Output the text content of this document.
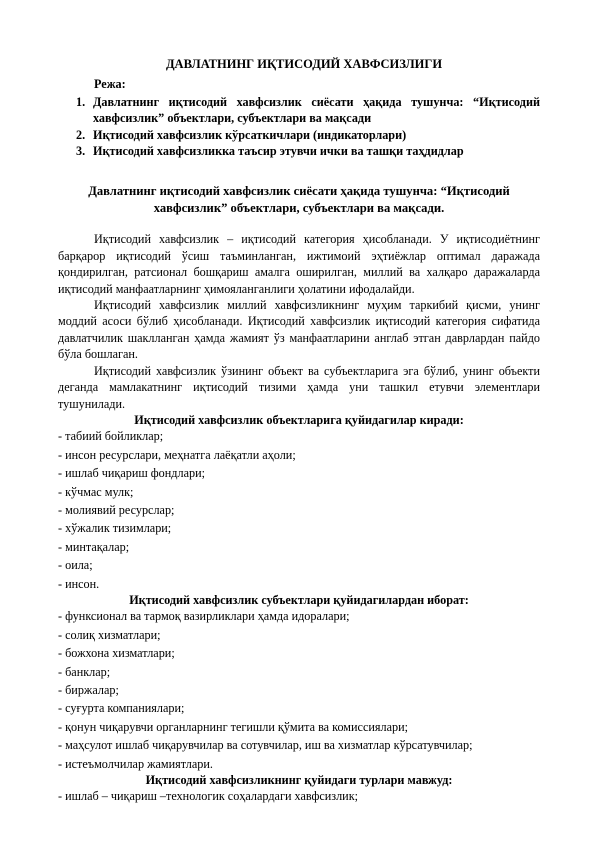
ДАВЛАТНИНГ ИҚТИСОДИЙ ХАВФСИЗЛИГИ
Режа:
1. Давлатнинг иқтисодий хавфсизлик сиёсати ҳақида тушунча: “Иқтисодий хавфсизлик” объектлари, субъектлари ва мақсади
2. Иқтисодий хавфсизлик кўрсаткичлари (индикаторлари)
3. Иқтисодий хавфсизликка таъсир этувчи ички ва ташқи таҳдидлар
Давлатнинг иқтисодий хавфсизлик сиёсати ҳақида тушунча: “Иқтисодий хавфсизлик” объектлари, субъектлари ва мақсади.

Иқтисодий хавфсизлик – иқтисодий категория ҳисобланади. У иқтисодиётнинг барқарор иқтисодий ўсиш таъминланган, ижтимоий эҳтиёжлар оптимал даражада қондирилган, ратсионал бошқариш амалга оширилган, миллий ва халқаро даражаларда иқтисодий манфаатларнинг ҳимояланганлиги ҳолатини ифодалайди.

Иқтисодий хавфсизлик миллий хавфсизликнинг муҳим таркибий қисми, унинг моддий асоси бўлиб ҳисобланади. Иқтисодий хавфсизлик иқтисодий категория сифатида давлатчилик шаклланган ҳамда жамият ўз манфаатларини англаб этган даврлардан пайдо бўла бошлаган.

Иқтисодий хавфсизлик ўзининг объект ва субъектларига эга бўлиб, унинг объекти деганда мамлакатнинг иқтисодий тизими ҳамда уни ташкил етувчи элементлари тушунилади.

Иқтисодий хавфсизлик объектларига қуйидагилар киради:
- табиий бойликлар;
- инсон ресурслари, меҳнатга лаёқатли аҳоли;
- ишлаб чиқариш фондлари;
- кўчмас мулк;
- молиявий ресурслар;
- хўжалик тизимлари;
- минтақалар;
- оила;
- инсон.
Иқтисодий хавфсизлик субъектлари қуйидагилардан иборат:
- функсионал ва тармоқ вазирликлари ҳамда идоралари;
- солиқ хизматлари;
- божхона хизматлари;
- банклар;
- биржалар;
- суғурта компаниялари;
- қонун чиқарувчи органларнинг тегишли қўмита ва комиссиялари;
- маҳсулот ишлаб чиқарувчилар ва сотувчилар, иш ва хизматлар кўрсатувчилар;
- истеъмолчилар жамиятлари.
Иқтисодий хавфсизликнинг қуйидаги турлари мавжуд:
- ишлаб – чиқариш –технологик соҳалардаги хавфсизлик;
